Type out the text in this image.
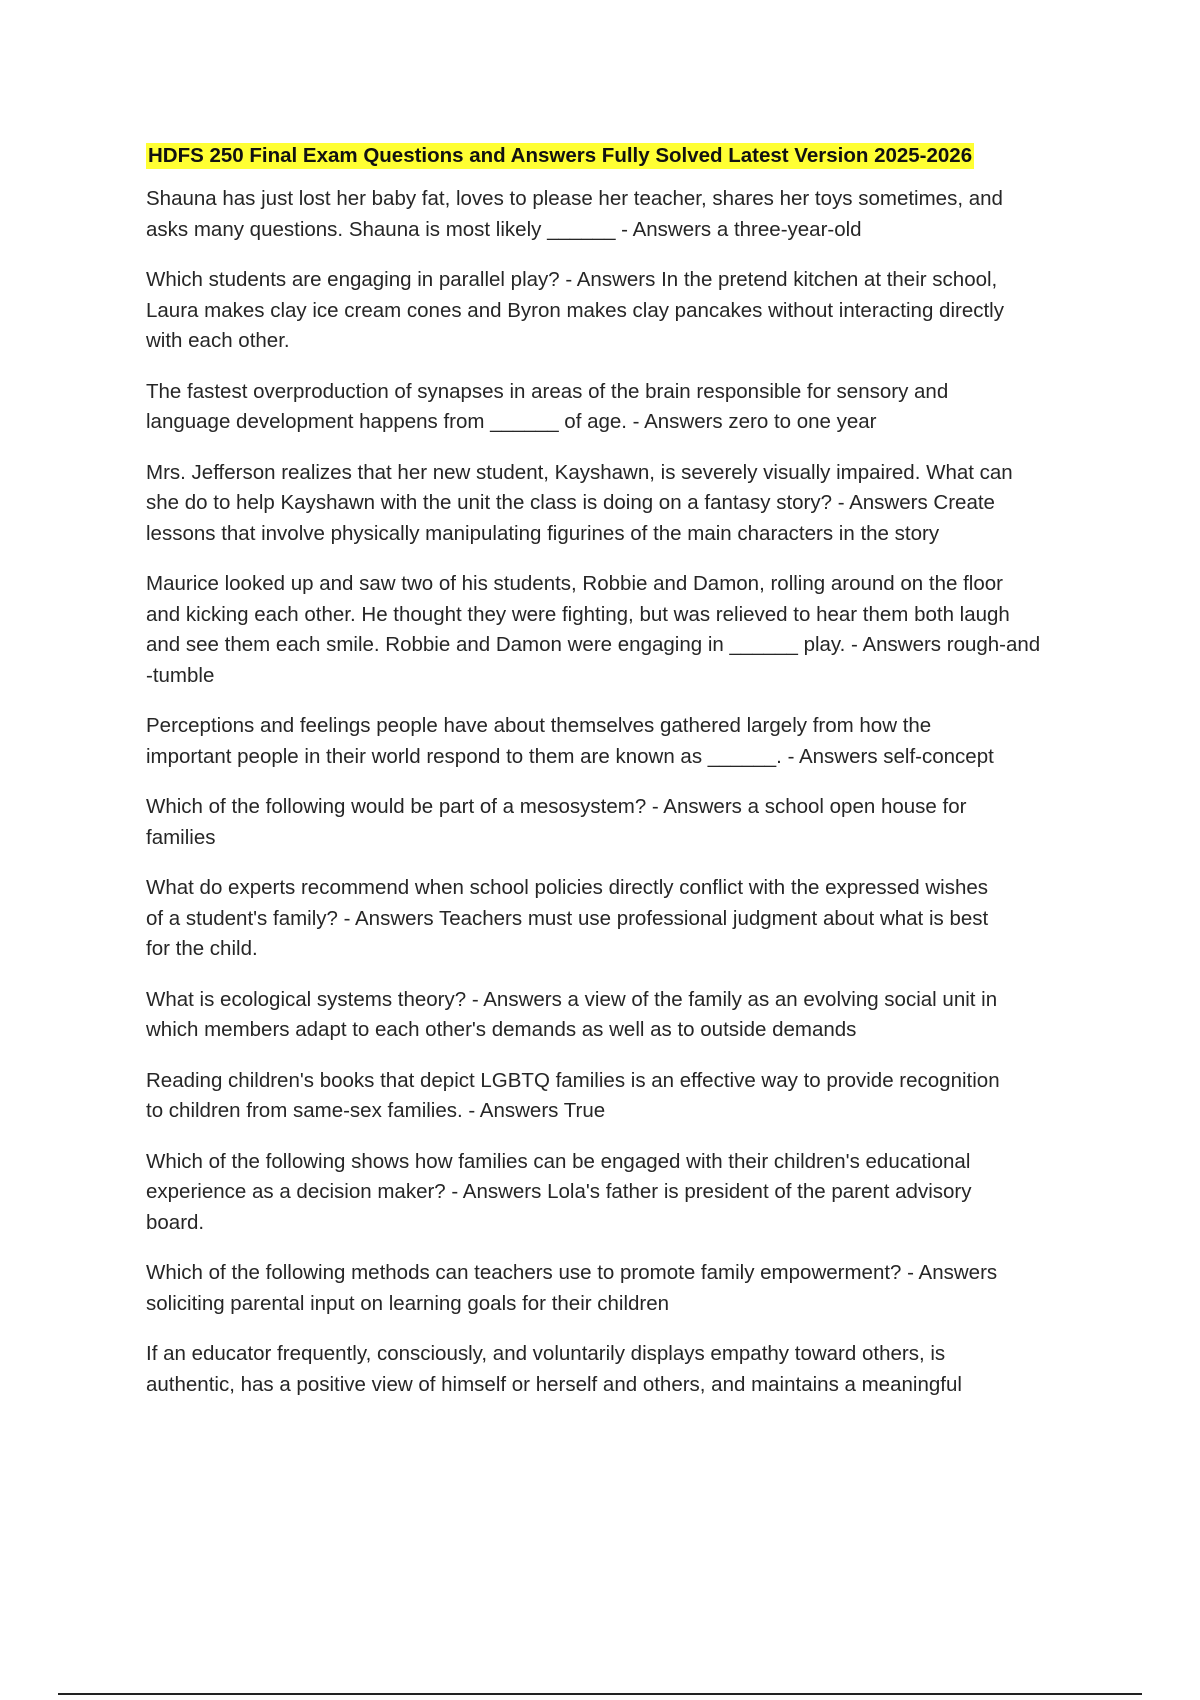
HDFS 250 Final Exam Questions and Answers Fully Solved Latest Version 2025-2026

Shauna has just lost her baby fat, loves to please her teacher, shares her toys sometimes, and
asks many questions. Shauna is most likely ______ - Answers a three-year-old

Which students are engaging in parallel play? - Answers In the pretend kitchen at their school,
Laura makes clay ice cream cones and Byron makes clay pancakes without interacting directly
with each other.

The fastest overproduction of synapses in areas of the brain responsible for sensory and
language development happens from ______ of age. - Answers zero to one year

Mrs. Jefferson realizes that her new student, Kayshawn, is severely visually impaired. What can
she do to help Kayshawn with the unit the class is doing on a fantasy story? - Answers Create
lessons that involve physically manipulating figurines of the main characters in the story

Maurice looked up and saw two of his students, Robbie and Damon, rolling around on the floor
and kicking each other. He thought they were fighting, but was relieved to hear them both laugh
and see them each smile. Robbie and Damon were engaging in ______ play. - Answers rough-and
-tumble

Perceptions and feelings people have about themselves gathered largely from how the
important people in their world respond to them are known as ______. - Answers self-concept

Which of the following would be part of a mesosystem? - Answers a school open house for
families

What do experts recommend when school policies directly conflict with the expressed wishes
of a student's family? - Answers Teachers must use professional judgment about what is best
for the child.

What is ecological systems theory? - Answers a view of the family as an evolving social unit in
which members adapt to each other's demands as well as to outside demands

Reading children's books that depict LGBTQ families is an effective way to provide recognition
to children from same-sex families. - Answers True

Which of the following shows how families can be engaged with their children's educational
experience as a decision maker? - Answers Lola's father is president of the parent advisory
board.

Which of the following methods can teachers use to promote family empowerment? - Answers
soliciting parental input on learning goals for their children

If an educator frequently, consciously, and voluntarily displays empathy toward others, is
authentic, has a positive view of himself or herself and others, and maintains a meaningful
